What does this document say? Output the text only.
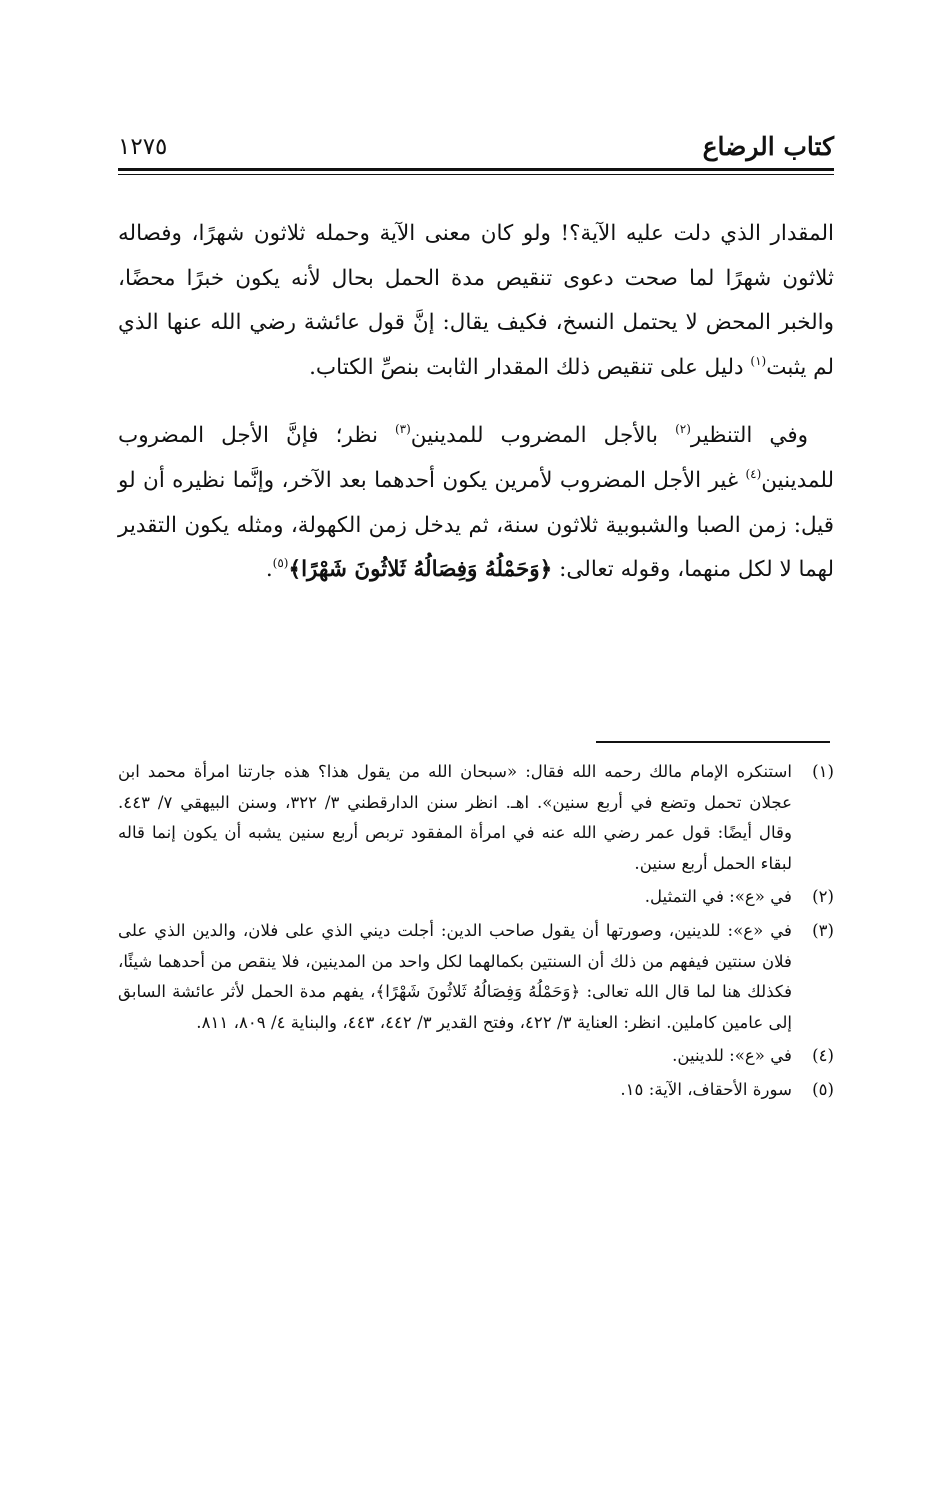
كتاب الرضاع
١٢٧٥

المقدار الذي دلت عليه الآية؟! ولو كان معنى الآية وحمله ثلاثون شهرًا، وفصاله ثلاثون شهرًا لما صحت دعوى تنقيص مدة الحمل بحال لأنه يكون خبرًا محضًا، والخبر المحض لا يحتمل النسخ، فكيف يقال: إنَّ قول عائشة رضي الله عنها الذي لم يثبت$^{(١)}$ دليل على تنقيص ذلك المقدار الثابت بنصِّ الكتاب.

وفي التنظير$^{(٢)}$ بالأجل المضروب للمدينين$^{(٣)}$ نظر؛ فإنَّ الأجل المضروب للمدينين$^{(٤)}$ غير الأجل المضروب لأمرين يكون أحدهما بعد الآخر، وإنَّما نظيره أن لو قيل: زمن الصبا والشبوبية ثلاثون سنة، ثم يدخل زمن الكهولة، ومثله يكون التقدير لهما لا لكل منهما، وقوله تعالى: ﴿وَحَمْلُهُ وَفِصَالُهُ ثَلاثُونَ شَهْرًا﴾$^{(٥)}$.

(١)
استنكره الإمام مالك رحمه الله فقال: «سبحان الله من يقول هذا؟ هذه جارتنا امرأة محمد ابن عجلان تحمل وتضع في أربع سنين». اهـ. انظر سنن الدارقطني ٣/ ٣٢٢، وسنن البيهقي ٧/ ٤٤٣. وقال أيضًا: قول عمر رضي الله عنه في امرأة المفقود تربص أربع سنين يشبه أن يكون إنما قاله لبقاء الحمل أربع سنين.
(٢)
في «ع»: في التمثيل.
(٣)
في «ع»: للدينين، وصورتها أن يقول صاحب الدين: أجلت ديني الذي على فلان، والدين الذي على فلان سنتين فيفهم من ذلك أن السنتين بكمالهما لكل واحد من المدينين، فلا ينقص من أحدهما شيئًا، فكذلك هنا لما قال الله تعالى: ﴿وَحَمْلُهُ وَفِصَالُهُ ثَلاثُونَ شَهْرًا﴾، يفهم مدة الحمل لأثر عائشة السابق إلى عامين كاملين. انظر: العناية ٣/ ٤٢٢، وفتح القدير ٣/ ٤٤٢، ٤٤٣، والبناية ٤/ ٨٠٩، ٨١١.
(٤)
في «ع»: للدينين.
(٥)
سورة الأحقاف، الآية: ١٥.
